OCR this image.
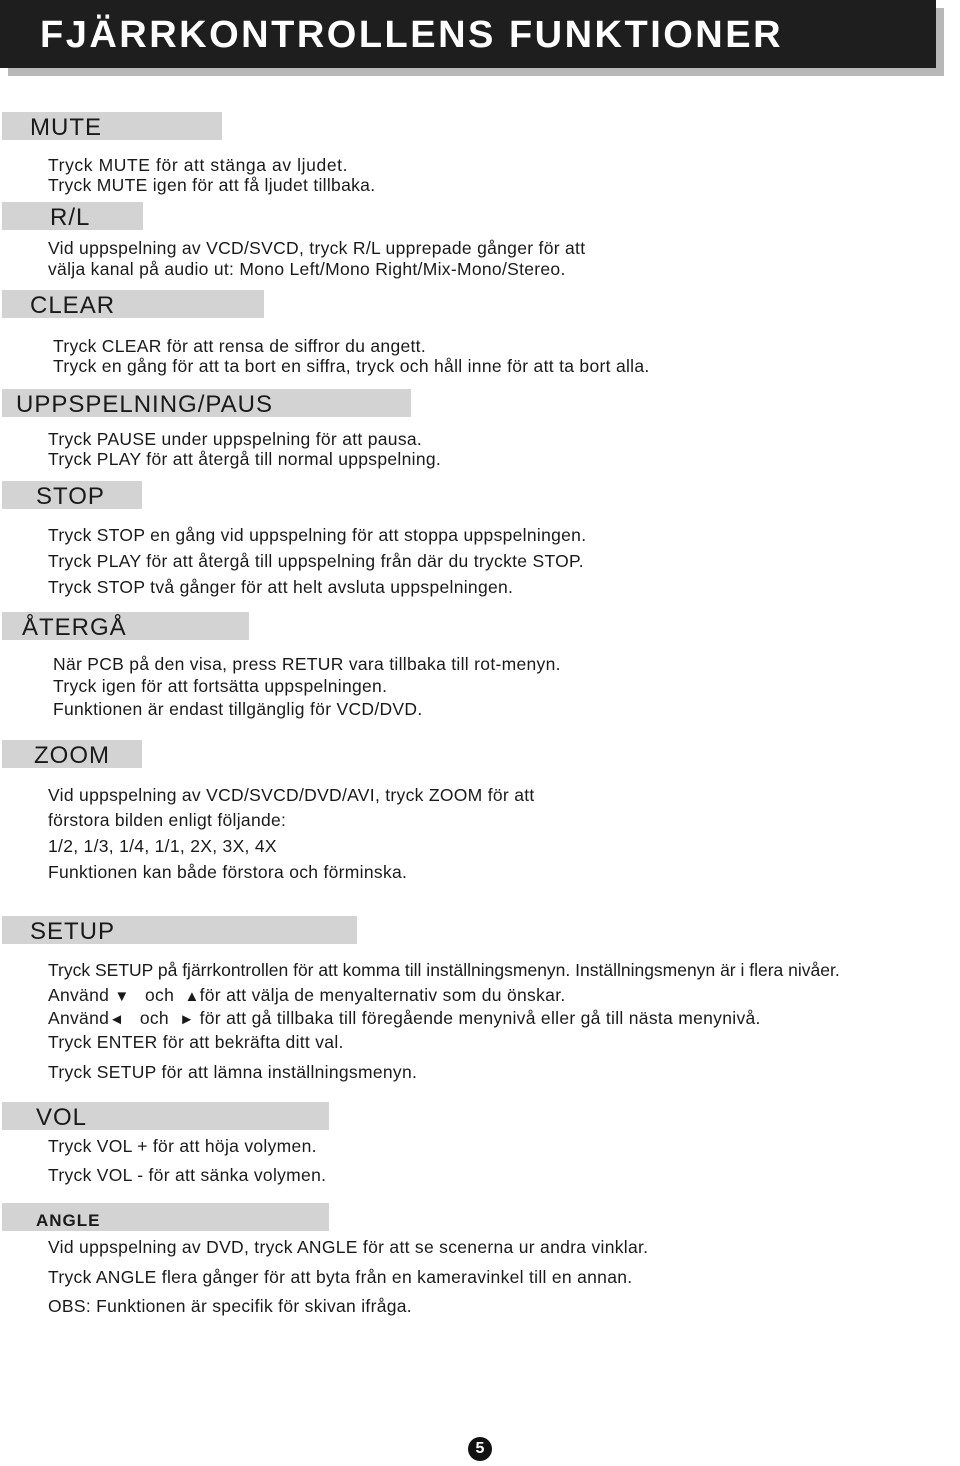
FJÄRRKONTROLLENS FUNKTIONER
MUTE
Tryck MUTE för att stänga av ljudet.
Tryck MUTE igen för att få ljudet tillbaka.
R/L
Vid uppspelning av VCD/SVCD, tryck R/L upprepade gånger för att
välja kanal på audio ut: Mono Left/Mono Right/Mix-Mono/Stereo.
CLEAR
Tryck CLEAR för att rensa de siffror du angett.
Tryck en gång för att ta bort en siffra, tryck och håll inne för att ta bort alla.
UPPSPELNING/PAUS
Tryck PAUSE under uppspelning för att pausa.
Tryck PLAY för att återgå till normal uppspelning.
STOP
Tryck STOP en gång vid uppspelning för att stoppa uppspelningen.
Tryck PLAY för att återgå till uppspelning från där du tryckte STOP.
Tryck STOP två gånger för att helt avsluta uppspelningen.
ÅTERGÅ
När PCB på den visa, press RETUR vara tillbaka till rot-menyn.
Tryck igen för att fortsätta uppspelningen.
Funktionen är endast tillgänglig för VCD/DVD.
ZOOM
Vid uppspelning av VCD/SVCD/DVD/AVI, tryck ZOOM för att
förstora bilden enligt följande:
1/2, 1/3, 1/4, 1/1, 2X, 3X, 4X
Funktionen kan både förstora och förminska.
SETUP
Tryck SETUP på fjärrkontrollen för att komma till inställningsmenyn. Inställningsmenyn är i flera nivåer.
Använd ▼ och ▲för att välja de menyalternativ som du önskar.
Använd◄ och ► för att gå tillbaka till föregående menynivå eller gå till nästa menynivå.
Tryck ENTER för att bekräfta ditt val.
Tryck SETUP för att lämna inställningsmenyn.
VOL
Tryck VOL + för att höja volymen.
Tryck VOL - för att sänka volymen.
ANGLE
Vid uppspelning av DVD, tryck ANGLE för att se scenerna ur andra vinklar.
Tryck ANGLE flera gånger för att byta från en kameravinkel till en annan.
OBS: Funktionen är specifik för skivan ifråga.
5
